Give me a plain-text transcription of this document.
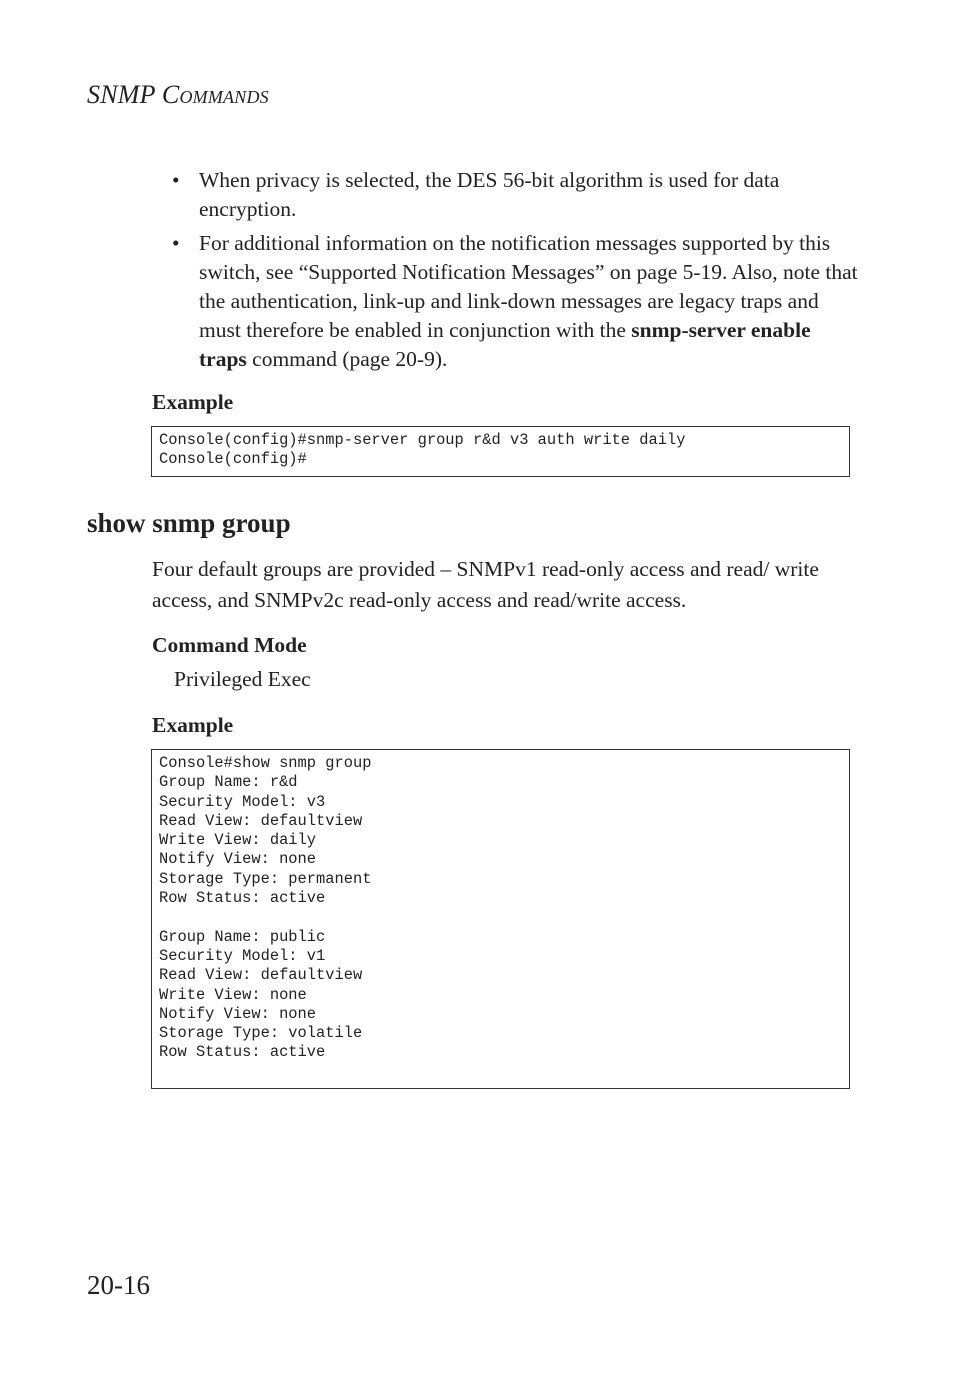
SNMP COMMANDS
• When privacy is selected, the DES 56-bit algorithm is used for data encryption.
• For additional information on the notification messages supported by this switch, see “Supported Notification Messages” on page 5-19. Also, note that the authentication, link-up and link-down messages are legacy traps and must therefore be enabled in conjunction with the snmp-server enable traps command (page 20-9).
Example
Console(config)#snmp-server group r&d v3 auth write daily
Console(config)#
show snmp group
Four default groups are provided – SNMPv1 read-only access and read/ write access, and SNMPv2c read-only access and read/write access.
Command Mode
Privileged Exec
Example
Console#show snmp group
Group Name: r&d
Security Model: v3
Read View: defaultview
Write View: daily
Notify View: none
Storage Type: permanent
Row Status: active
Group Name: public
Security Model: v1
Read View: defaultview
Write View: none
Notify View: none
Storage Type: volatile
Row Status: active
20-16
